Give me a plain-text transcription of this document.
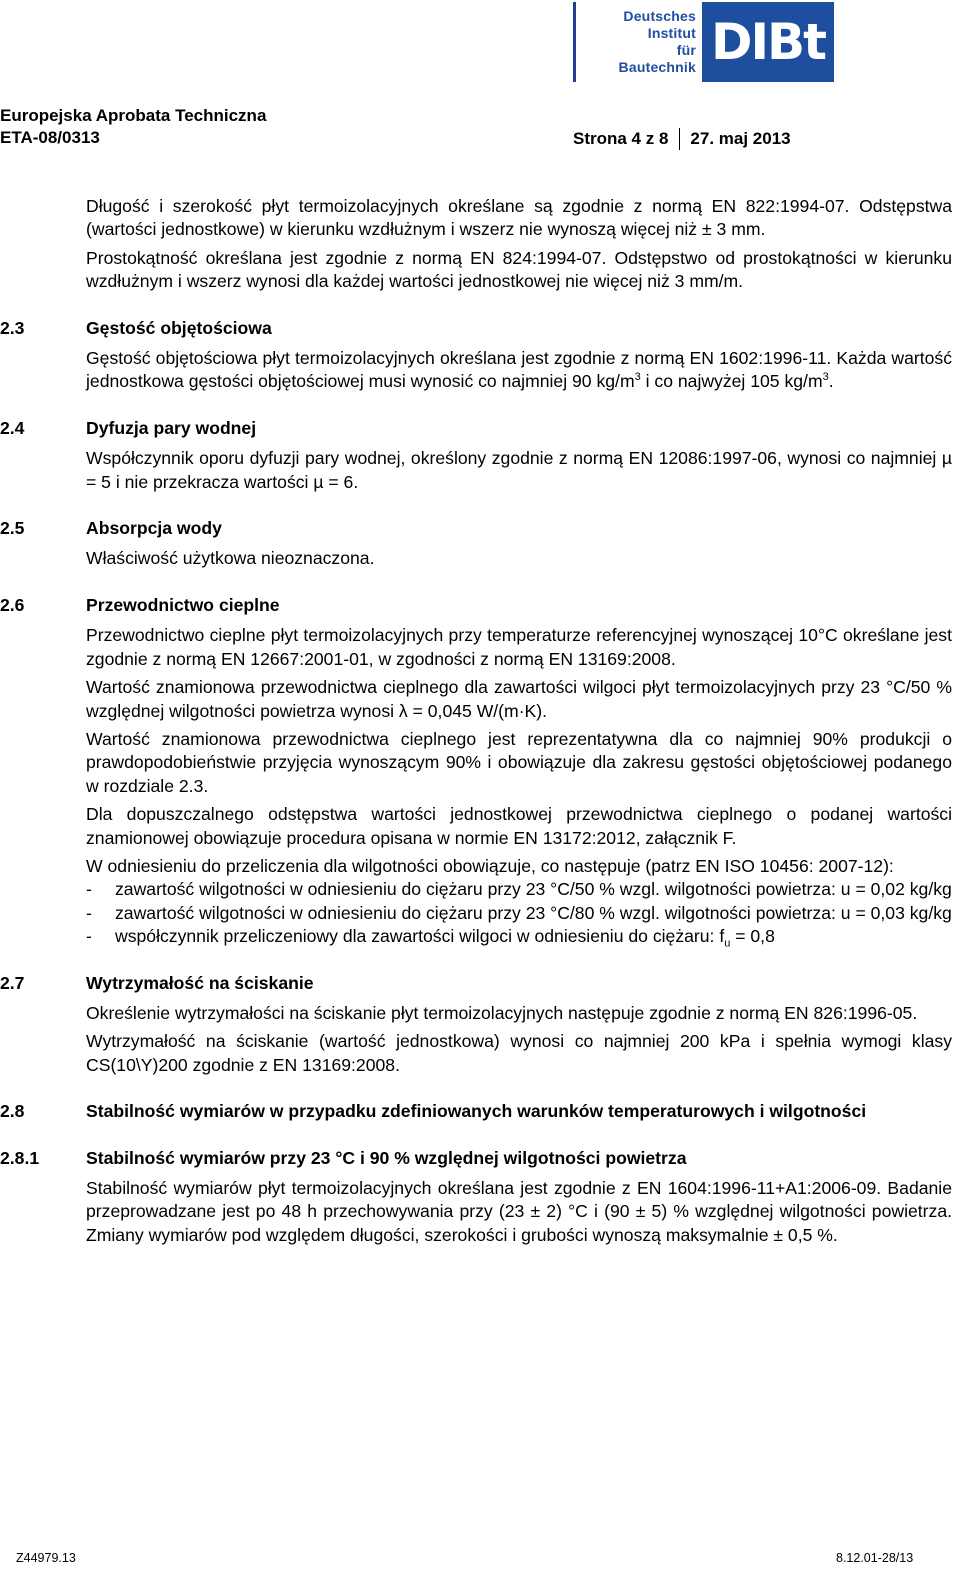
Deutsches
Institut
für
Bautechnik DIBt
Europejska Aprobata Techniczna
ETA-08/0313	Strona 4 z 8 27. maj 2013
Długość i szerokość płyt termoizolacyjnych określane są zgodnie z normą EN 822:1994-07. Odstępstwa (wartości jednostkowe) w kierunku wzdłużnym i wszerz nie wynoszą więcej niż ± 3 mm.
Prostokątność określana jest zgodnie z normą EN 824:1994-07. Odstępstwo od prostokątności w kierunku wzdłużnym i wszerz wynosi dla każdej wartości jednostkowej nie więcej niż 3 mm/m.
2.3	Gęstość objętościowa
Gęstość objętościowa płyt termoizolacyjnych określana jest zgodnie z normą EN 1602:1996-11. Każda wartość jednostkowa gęstości objętościowej musi wynosić co najmniej 90 $kg/m^3$ i co najwyżej 105 $kg/m^3$.
2.4	Dyfuzja pary wodnej
Współczynnik oporu dyfuzji pary wodnej, określony zgodnie z normą EN 12086:1997-06, wynosi co najmniej µ = 5 i nie przekracza wartości µ = 6.
2.5	Absorpcja wody
Właściwość użytkowa nieoznaczona.
2.6	Przewodnictwo cieplne
Przewodnictwo cieplne płyt termoizolacyjnych przy temperaturze referencyjnej wynoszącej 10°C określane jest zgodnie z normą EN 12667:2001-01, w zgodności z normą EN 13169:2008.
Wartość znamionowa przewodnictwa cieplnego dla zawartości wilgoci płyt termoizolacyjnych przy 23 °C/50 % względnej wilgotności powietrza wynosi λ = 0,045 W/(m·K).
Wartość znamionowa przewodnictwa cieplnego jest reprezentatywna dla co najmniej 90% produkcji o prawdopodobieństwie przyjęcia wynoszącym 90% i obowiązuje dla zakresu gęstości objętościowej podanego w rozdziale 2.3.
Dla dopuszczalnego odstępstwa wartości jednostkowej przewodnictwa cieplnego o podanej wartości znamionowej obowiązuje procedura opisana w normie EN 13172:2012, załącznik F.
W odniesieniu do przeliczenia dla wilgotności obowiązuje, co następuje (patrz EN ISO 10456: 2007-12):
-	zawartość wilgotności w odniesieniu do ciężaru przy 23 °C/50 % wzgl. wilgotności powietrza: u = 0,02 kg/kg
-	zawartość wilgotności w odniesieniu do ciężaru przy 23 °C/80 % wzgl. wilgotności powietrza: u = 0,03 kg/kg
-	współczynnik przeliczeniowy dla zawartości wilgoci w odniesieniu do ciężaru: $f_u = 0,8$
2.7	Wytrzymałość na ściskanie
Określenie wytrzymałości na ściskanie płyt termoizolacyjnych następuje zgodnie z normą EN 826:1996-05.
Wytrzymałość na ściskanie (wartość jednostkowa) wynosi co najmniej 200 kPa i spełnia wymogi klasy CS(10\Y)200 zgodnie z EN 13169:2008.
2.8	Stabilność wymiarów w przypadku zdefiniowanych warunków temperaturowych i wilgotności
2.8.1	Stabilność wymiarów przy 23 °C i 90 % względnej wilgotności powietrza
Stabilność wymiarów płyt termoizolacyjnych określana jest zgodnie z EN 1604:1996-11+A1:2006-09. Badanie przeprowadzane jest po 48 h przechowywania przy (23 ± 2) °C i (90 ± 5) % względnej wilgotności powietrza. Zmiany wymiarów pod względem długości, szerokości i grubości wynoszą maksymalnie ± 0,5 %.
Z44979.13	8.12.01-28/13
